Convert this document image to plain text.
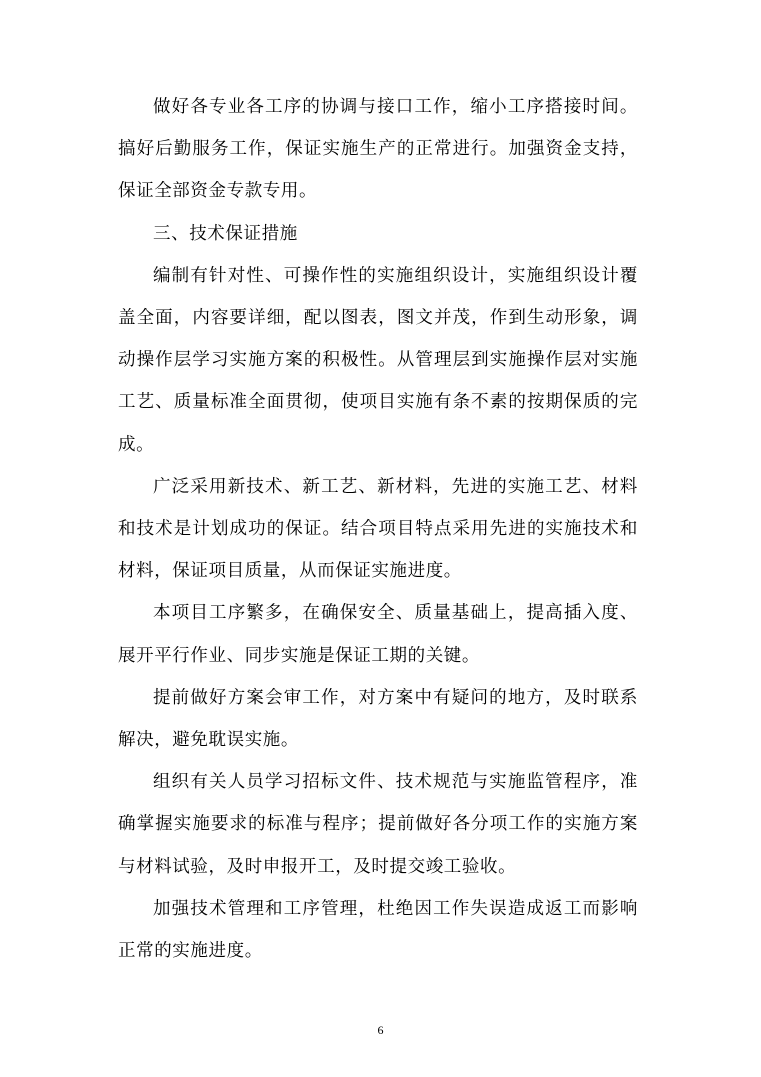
做好各专业各工序的协调与接口工作，缩小工序搭接时间。搞好后勤服务工作，保证实施生产的正常进行。加强资金支持，保证全部资金专款专用。

三、技术保证措施

编制有针对性、可操作性的实施组织设计，实施组织设计覆盖全面，内容要详细，配以图表，图文并茂，作到生动形象，调动操作层学习实施方案的积极性。从管理层到实施操作层对实施工艺、质量标准全面贯彻，使项目实施有条不素的按期保质的完成。

广泛采用新技术、新工艺、新材料，先进的实施工艺、材料和技术是计划成功的保证。结合项目特点采用先进的实施技术和材料，保证项目质量，从而保证实施进度。

本项目工序繁多，在确保安全、质量基础上，提高插入度、展开平行作业、同步实施是保证工期的关键。

提前做好方案会审工作，对方案中有疑问的地方，及时联系解决，避免耽误实施。

组织有关人员学习招标文件、技术规范与实施监管程序，准确掌握实施要求的标准与程序；提前做好各分项工作的实施方案与材料试验，及时申报开工，及时提交竣工验收。

加强技术管理和工序管理，杜绝因工作失误造成返工而影响正常的实施进度。

6
